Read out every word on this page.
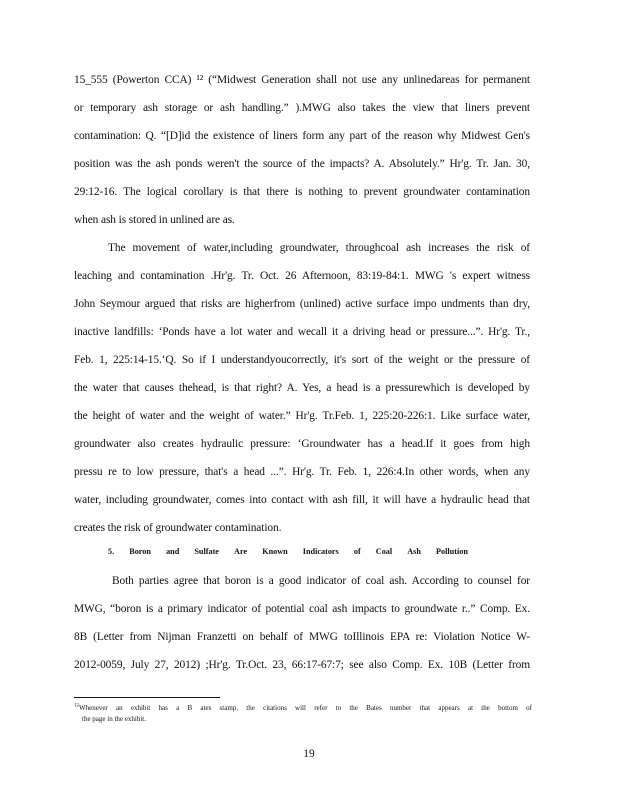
15_555 (Powerton CCA) ¹² (“Midwest Generation shall not use any unlinedareas for permanent
or temporary ash storage or ash handling.” ).MWG also takes the view that liners prevent
contamination: Q. “[D]id the existence of liners form any part of the reason why Midwest Gen's
position was the ash ponds weren't the source of the impacts? A. Absolutely.” Hr'g. Tr. Jan. 30,
29:12-16. The logical corollary is that there is nothing to prevent groundwater contamination
when ash is stored in unlined are as.
The movement of water,including groundwater, throughcoal ash increases the risk of
leaching and contamination .Hr'g. Tr. Oct. 26 Afternoon, 83:19-84:1. MWG 's expert witness
John Seymour argued that risks are higherfrom (unlined) active surface impo undments than dry,
inactive landfills: ‘Ponds have a lot water and wecall it a driving head or pressure...”. Hr'g. Tr.,
Feb. 1, 225:14-15.‘Q. So if I understandyoucorrectly, it's sort of the weight or the pressure of
the water that causes thehead, is that right? A. Yes, a head is a pressurewhich is developed by
the height of water and the weight of water.” Hr'g. Tr.Feb. 1, 225:20-226:1. Like surface water,
groundwater also creates hydraulic pressure: ‘Groundwater has a head.If it goes from high
pressu re to low pressure, that's a head ...”. Hr'g. Tr. Feb. 1, 226:4.In other words, when any
water, including groundwater, comes into contact with ash fill, it will have a hydraulic head that
creates the risk of groundwater contamination.
5. Boron and Sulfate Are Known Indicators of Coal Ash Pollution
Both parties agree that boron is a good indicator of coal ash. According to counsel for
MWG, “boron is a primary indicator of potential coal ash impacts to groundwate r..” Comp. Ex.
8B (Letter from Nijman Franzetti on behalf of MWG toIllinois EPA re: Violation Notice W-
2012-0059, July 27, 2012) ;Hr'g. Tr.Oct. 23, 66:17-67:7; see also Comp. Ex. 10B (Letter from
$^{12}$Whenever an exhibit has a B ates stamp, the citations will refer to the Bates number that appears at the bottom of
the page in the exhibit.
19
